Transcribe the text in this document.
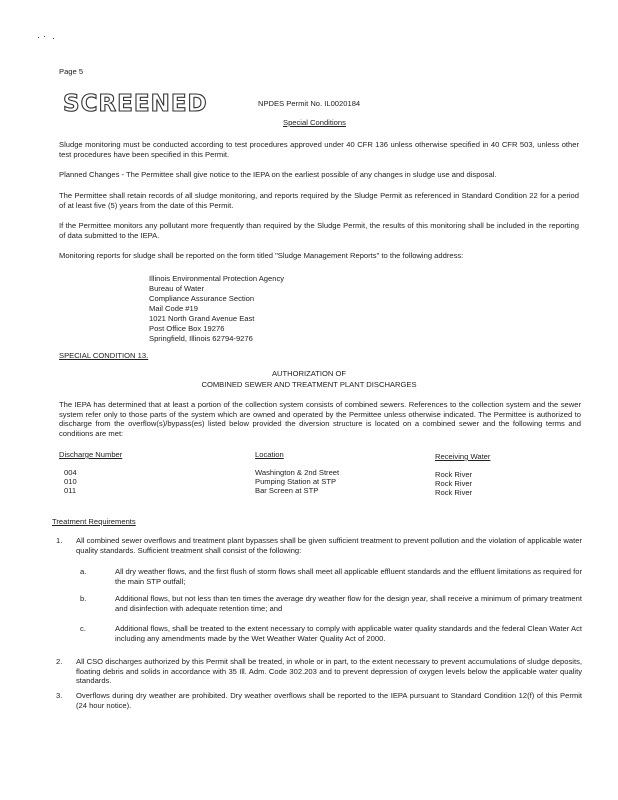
Page 5
SCREENED	NPDES Permit No. IL0020184
Special Conditions
Sludge monitoring must be conducted according to test procedures approved under 40 CFR 136 unless otherwise specified in 40 CFR 503, unless other test procedures have been specified in this Permit.
Planned Changes - The Permittee shall give notice to the IEPA on the earliest possible of any changes in sludge use and disposal.
The Permittee shall retain records of all sludge monitoring, and reports required by the Sludge Permit as referenced in Standard Condition 22 for a period of at least five (5) years from the date of this Permit.
If the Permittee monitors any pollutant more frequently than required by the Sludge Permit, the results of this monitoring shall be included in the reporting of data submitted to the IEPA.
Monitoring reports for sludge shall be reported on the form titled "Sludge Management Reports" to the following address:
Illinois Environmental Protection Agency
Bureau of Water
Compliance Assurance Section
Mail Code #19
1021 North Grand Avenue East
Post Office Box 19276
Springfield, Illinois 62794-9276
SPECIAL CONDITION 13.
AUTHORIZATION OF
COMBINED SEWER AND TREATMENT PLANT DISCHARGES
The IEPA has determined that at least a portion of the collection system consists of combined sewers. References to the collection system and the sewer system refer only to those parts of the system which are owned and operated by the Permittee unless otherwise indicated. The Permittee is authorized to discharge from the overflow(s)/bypass(es) listed below provided the diversion structure is located on a combined sewer and the following terms and conditions are met:
Discharge Number	Location	Receiving Water
004	Washington & 2nd Street	Rock River
010	Pumping Station at STP	Rock River
011	Bar Screen at STP	Rock River
Treatment Requirements
1. All combined sewer overflows and treatment plant bypasses shall be given sufficient treatment to prevent pollution and the violation of applicable water quality standards. Sufficient treatment shall consist of the following:
a.	All dry weather flows, and the first flush of storm flows shall meet all applicable effluent standards and the effluent limitations as required for the main STP outfall;
b.	Additional flows, but not less than ten times the average dry weather flow for the design year, shall receive a minimum of primary treatment and disinfection with adequate retention time; and
c.	Additional flows, shall be treated to the extent necessary to comply with applicable water quality standards and the federal Clean Water Act including any amendments made by the Wet Weather Water Quality Act of 2000.
2. All CSO discharges authorized by this Permit shall be treated, in whole or in part, to the extent necessary to prevent accumulations of sludge deposits, floating debris and solids in accordance with 35 Ill. Adm. Code 302.203 and to prevent depression of oxygen levels below the applicable water quality standards.
3. Overflows during dry weather are prohibited. Dry weather overflows shall be reported to the IEPA pursuant to Standard Condition 12(f) of this Permit (24 hour notice).
